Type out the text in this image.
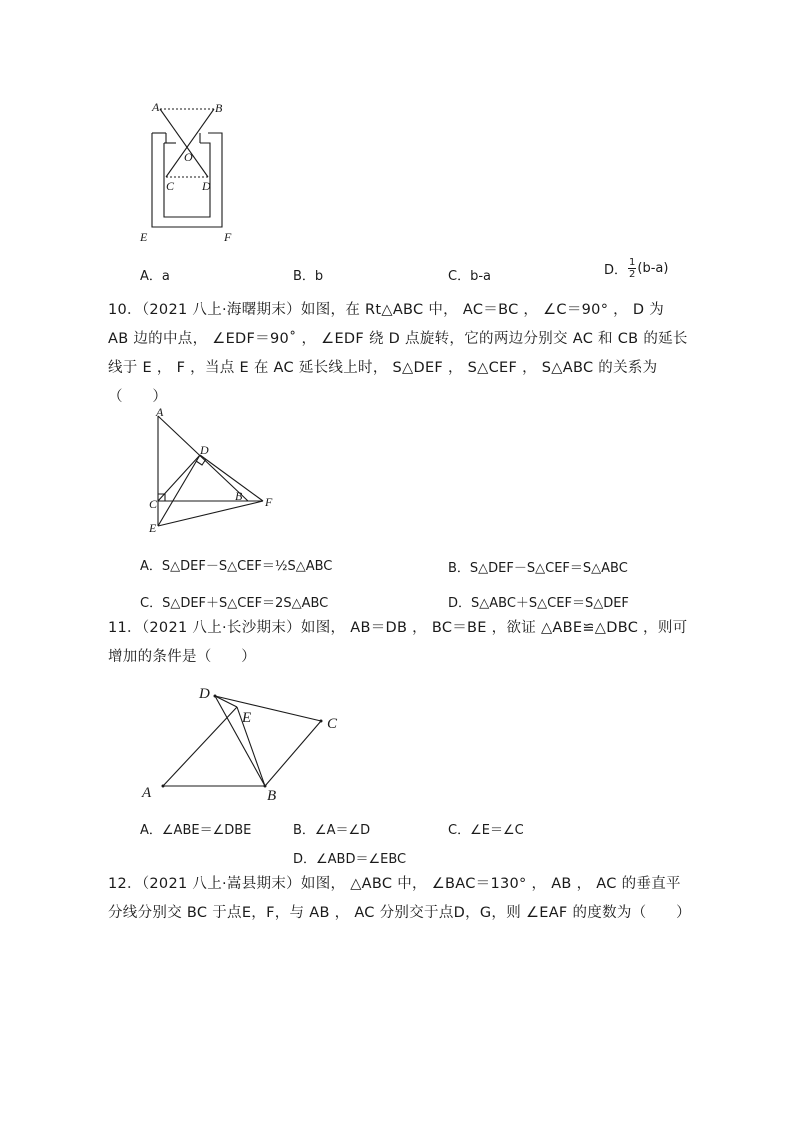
A	B
O
C D
E	F
A．a	B．b	C．b-a	D． $\frac{1}{2} (b-a)$
10．（2021 八上·海曙期末）如图，在 Rt△ABC 中， AC＝BC ， ∠C＝90° ， D 为 AB 边的中点， ∠EDF＝90˚ ， ∠EDF 绕 D 点旋转，它的两边分别交 AC 和 CB 的延长线于 E ， F ，当点 E 在 AC 延长线上时， S△DEF ， S△CEF ， S△ABC 的关系为（　　）
A
D
C
B F
E
A．S△DEF－S△CEF＝½S△ABC	B．S△DEF－S△CEF＝S△ABC
C．S△DEF＋S△CEF＝2S△ABC	D．S△ABC＋S△CEF＝S△DEF
11．（2021 八上·长沙期末）如图， AB＝DB ， BC＝BE ，欲证 △ABE≌△DBC ，则可增加的条件是（　　）
D
E	C
A	B
A．∠ABE＝∠DBE	B．∠A＝∠D	C．∠E＝∠C
D．∠ABD＝∠EBC
12．（2021 八上·嵩县期末）如图， △ABC 中， ∠BAC＝130° ， AB ， AC 的垂直平分线分别交 BC 于点E，F，与 AB ， AC 分别交于点D，G，则 ∠EAF 的度数为（　　）
